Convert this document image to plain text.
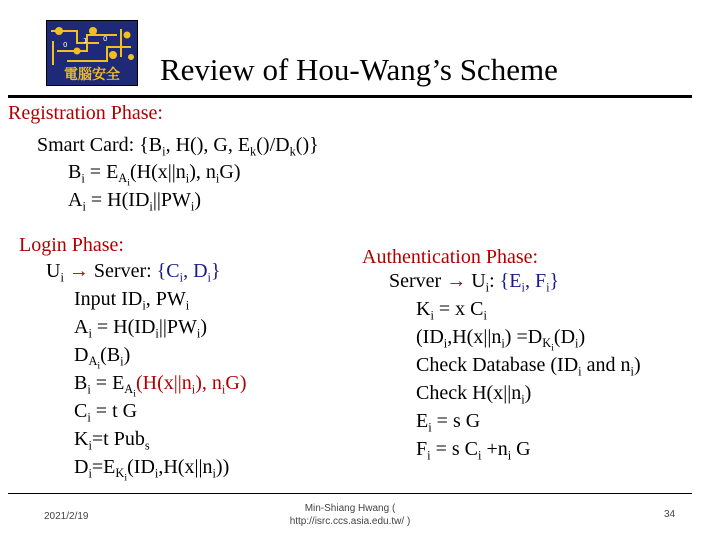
0 1 0
電腦安全 Review of Hou-Wang’s Scheme
Registration Phase:
Smart Card: {$B_i$, H(), G, $E_k()/D_k()$}
$B_i = E_{A_i}(H(x||n_i)$, $n_iG$)
$A_i = H(ID_i||PW_i)$
Login Phase:
$U_i$ → Server: {$C_i$, $D_i$}
Input $ID_i$, $PW_i$
$A_i = H(ID_i||PW_i)$
$D_{A_i}(B_i)$
$B_i = E_{A_i}(H(x||n_i)$, $n_iG$)
$C_i = t$ G
$K_i=t$ Pub$_s$
$D_i=E_{K_i}(ID_i,H(x||n_i))$
Authentication Phase:
Server → $U_i$: {$E_i$, $F_i$}
$K_i = x$ $C_i$
($ID_i,H(x||n_i) =D_{K_i}(D_i)$
Check Database ($ID_i$ and $n_i$)
Check $H(x||n_i)$
$E_i = s$ G
$F_i = s$ $C_i +n_i$ G
2021/2/19
Min-Shiang Hwang (
http://isrc.ccs.asia.edu.tw/ )
34
